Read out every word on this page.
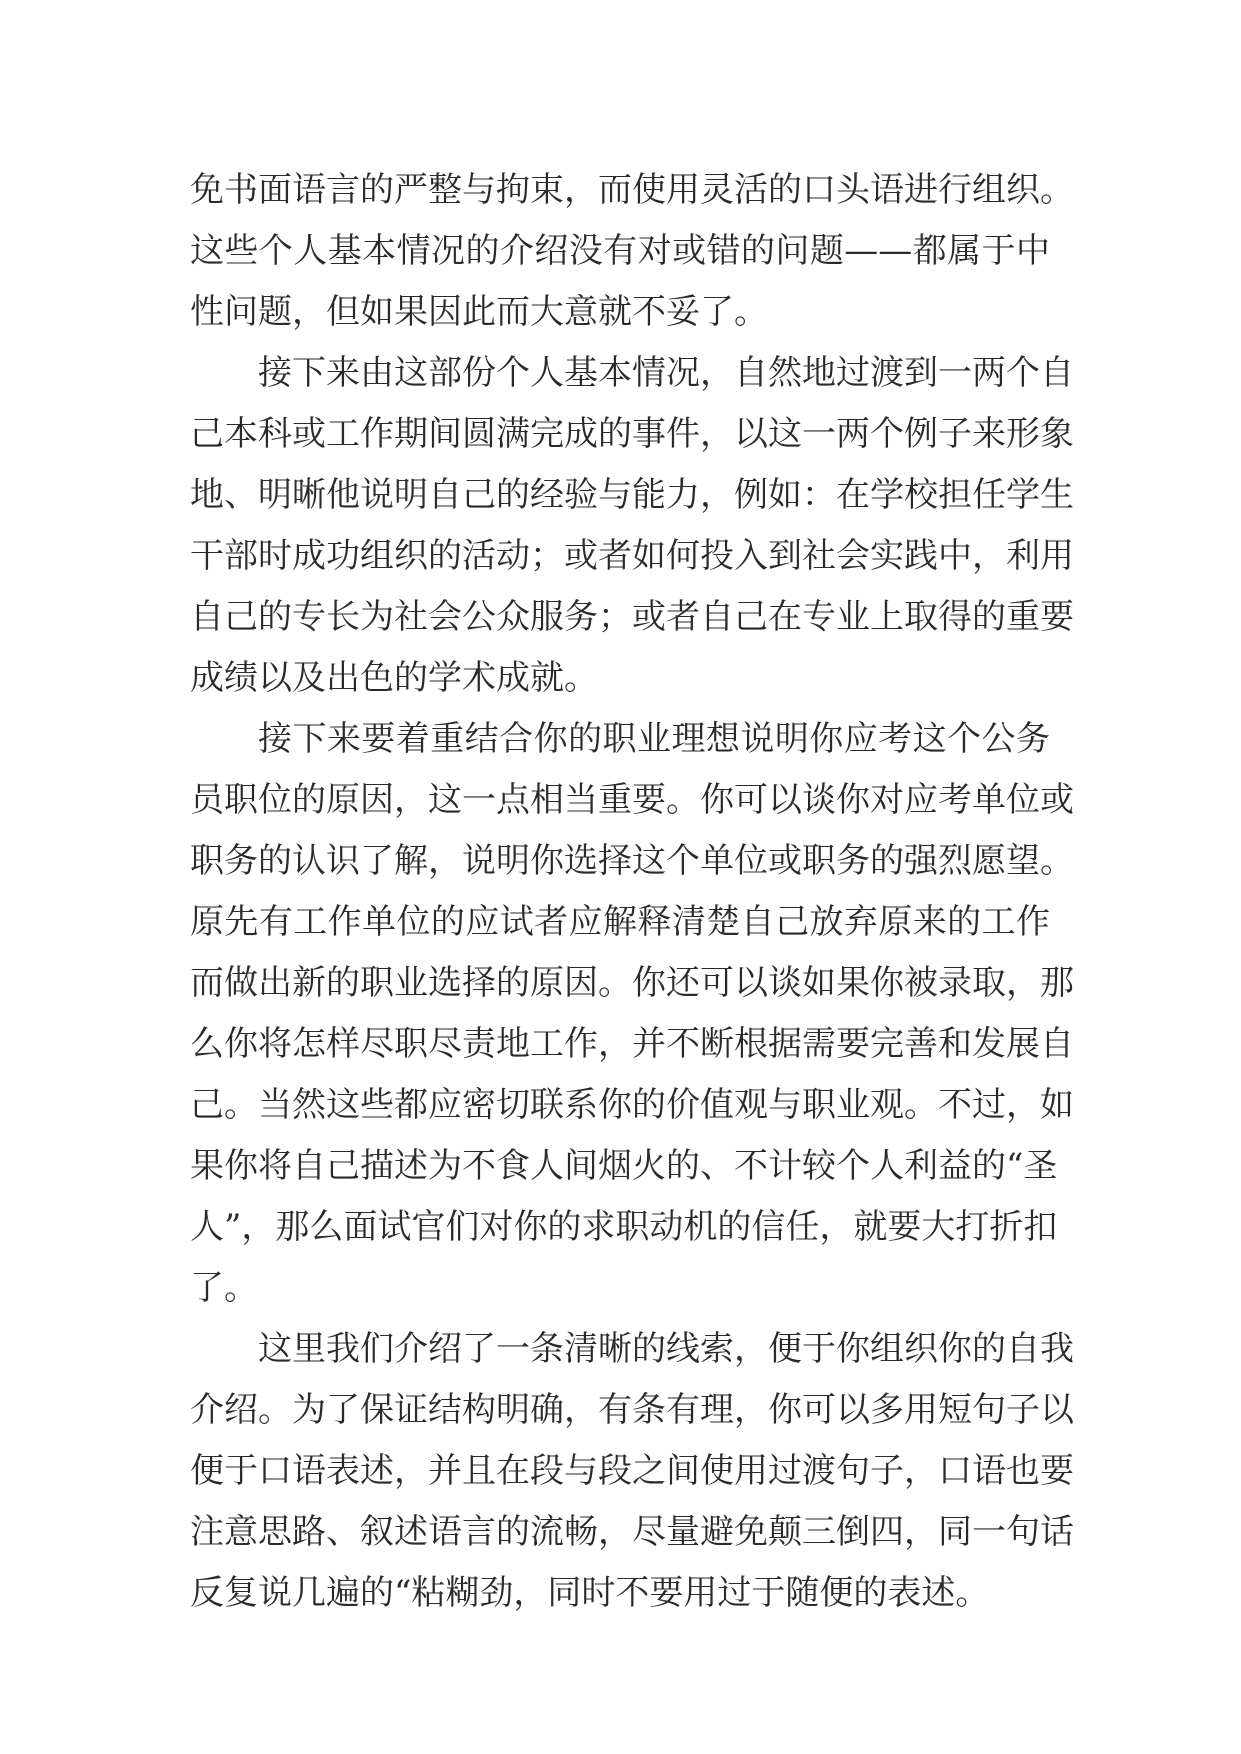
免书面语言的严整与拘束，而使用灵活的口头语进行组织。
这些个人基本情况的介绍没有对或错的问题——都属于中
性问题，但如果因此而大意就不妥了。
接下来由这部份个人基本情况，自然地过渡到一两个自
己本科或工作期间圆满完成的事件，以这一两个例子来形象
地、明晰他说明自己的经验与能力，例如：在学校担任学生
干部时成功组织的活动；或者如何投入到社会实践中，利用
自己的专长为社会公众服务；或者自己在专业上取得的重要
成绩以及出色的学术成就。
接下来要着重结合你的职业理想说明你应考这个公务
员职位的原因，这一点相当重要。你可以谈你对应考单位或
职务的认识了解，说明你选择这个单位或职务的强烈愿望。
原先有工作单位的应试者应解释清楚自己放弃原来的工作
而做出新的职业选择的原因。你还可以谈如果你被录取，那
么你将怎样尽职尽责地工作，并不断根据需要完善和发展自
己。当然这些都应密切联系你的价值观与职业观。不过，如
果你将自己描述为不食人间烟火的、不计较个人利益的“圣
人”，那么面试官们对你的求职动机的信任，就要大打折扣
了。
这里我们介绍了一条清晰的线索，便于你组织你的自我
介绍。为了保证结构明确，有条有理，你可以多用短句子以
便于口语表述，并且在段与段之间使用过渡句子，口语也要
注意思路、叙述语言的流畅，尽量避免颠三倒四，同一句话
反复说几遍的“粘糊劲，同时不要用过于随便的表述。
